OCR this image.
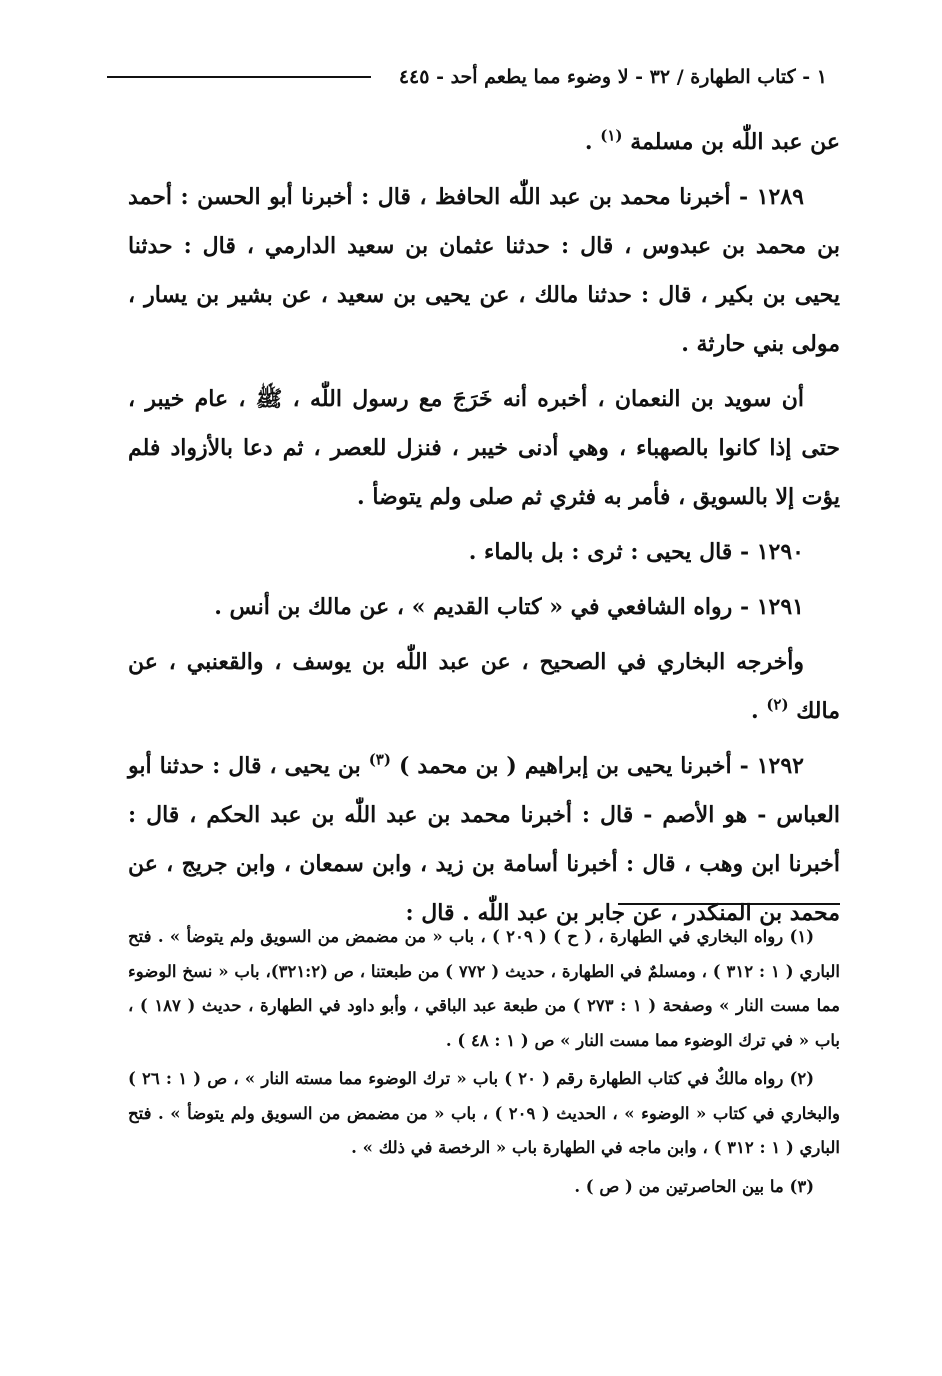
١ - كتاب الطهارة / ٣٢ - لا وضوء مما يطعم أحد - ٤٤٥

عن عبد اللّٰه بن مسلمة $^{(١)}$ .

١٢٨٩ - أخبرنا محمد بن عبد اللّٰه الحافظ ، قال : أخبرنا أبو الحسن : أحمد بن محمد بن عبدوس ، قال : حدثنا عثمان بن سعيد الدارمي ، قال : حدثنا يحيى بن بكير ، قال : حدثنا مالك ، عن يحيى بن سعيد ، عن بشير بن يسار ، مولى بني حارثة .

أن سويد بن النعمان ، أخبره أنه خَرَجَ مع رسول اللّٰه ، ﷺ ، عام خيبر ، حتى إذا كانوا بالصهباء ، وهي أدنى خيبر ، فنزل للعصر ، ثم دعا بالأزواد فلم يؤت إلا بالسويق ، فأمر به فثري ثم صلى ولم يتوضأ .

١٢٩٠ - قال يحيى : ثرى : بل بالماء .

١٢٩١ - رواه الشافعي في « كتاب القديم » ، عن مالك بن أنس .

وأخرجه البخاري في الصحيح ، عن عبد اللّٰه بن يوسف ، والقعنبي ، عن مالك $^{(٢)}$ .

١٢٩٢ - أخبرنا يحيى بن إبراهيم ( بن محمد ) $^{(٣)}$ بن يحيى ، قال : حدثنا أبو العباس - هو الأصم - قال : أخبرنا محمد بن عبد اللّٰه بن عبد الحكم ، قال : أخبرنا ابن وهب ، قال : أخبرنا أسامة بن زيد ، وابن سمعان ، وابن جريج ، عن محمد بن المنكدر ، عن جابر بن عبد اللّٰه . قال :

(١) رواه البخاري في الطهارة ، ( ح ) ( ٢٠٩ ) ، باب « من مضمض من السويق ولم يتوضأ » . فتح الباري ( ١ : ٣١٢ ) ، ومسلمٌ في الطهارة ، حديث ( ٧٧٢ ) من طبعتنا ، ص (٣٢١:٢)، باب « نسخ الوضوء مما مست النار » وصفحة ( ١ : ٢٧٣ ) من طبعة عبد الباقي ، وأبو داود في الطهارة ، حديث ( ١٨٧ ) ، باب « في ترك الوضوء مما مست النار » ص ( ١ : ٤٨ ) .

(٢) رواه مالكٌ في كتاب الطهارة رقم ( ٢٠ ) باب « ترك الوضوء مما مسته النار » ، ص ( ١ : ٢٦ ) والبخاري في كتاب « الوضوء » ، الحديث ( ٢٠٩ ) ، باب « من مضمض من السويق ولم يتوضأ » . فتح الباري ( ١ : ٣١٢ ) ، وابن ماجه في الطهارة باب « الرخصة في ذلك » .

(٣) ما بين الحاصرتين من ( ص ) .
